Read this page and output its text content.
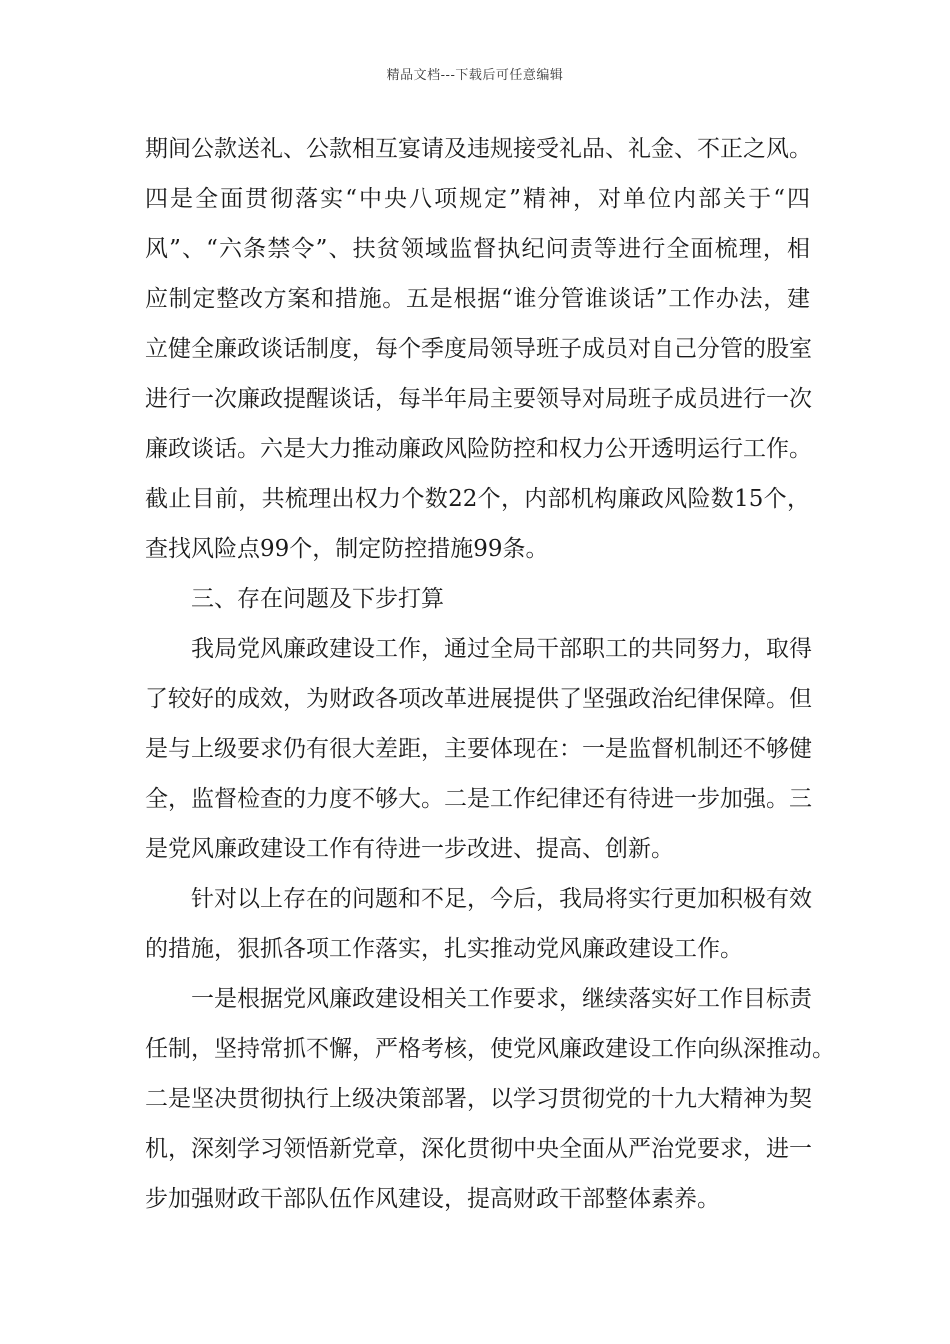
精品文档---下载后可任意编辑
期间公款送礼、公款相互宴请及违规接受礼品、礼金、不正之风。
四是全面贯彻落实“中央八项规定”精神，对单位内部关于“四
风”、“六条禁令”、扶贫领域监督执纪问责等进行全面梳理，相
应制定整改方案和措施。五是根据“谁分管谁谈话”工作办法，建
立健全廉政谈话制度，每个季度局领导班子成员对自己分管的股室
进行一次廉政提醒谈话，每半年局主要领导对局班子成员进行一次
廉政谈话。六是大力推动廉政风险防控和权力公开透明运行工作。
截止目前，共梳理出权力个数22个，内部机构廉政风险数15个，
查找风险点99个，制定防控措施99条。
三、存在问题及下步打算
我局党风廉政建设工作，通过全局干部职工的共同努力，取得
了较好的成效，为财政各项改革进展提供了坚强政治纪律保障。但
是与上级要求仍有很大差距，主要体现在：一是监督机制还不够健
全，监督检查的力度不够大。二是工作纪律还有待进一步加强。三
是党风廉政建设工作有待进一步改进、提高、创新。
针对以上存在的问题和不足，今后，我局将实行更加积极有效
的措施，狠抓各项工作落实，扎实推动党风廉政建设工作。
一是根据党风廉政建设相关工作要求，继续落实好工作目标责
任制，坚持常抓不懈，严格考核，使党风廉政建设工作向纵深推动。
二是坚决贯彻执行上级决策部署，以学习贯彻党的十九大精神为契
机，深刻学习领悟新党章，深化贯彻中央全面从严治党要求，进一
步加强财政干部队伍作风建设，提高财政干部整体素养。
